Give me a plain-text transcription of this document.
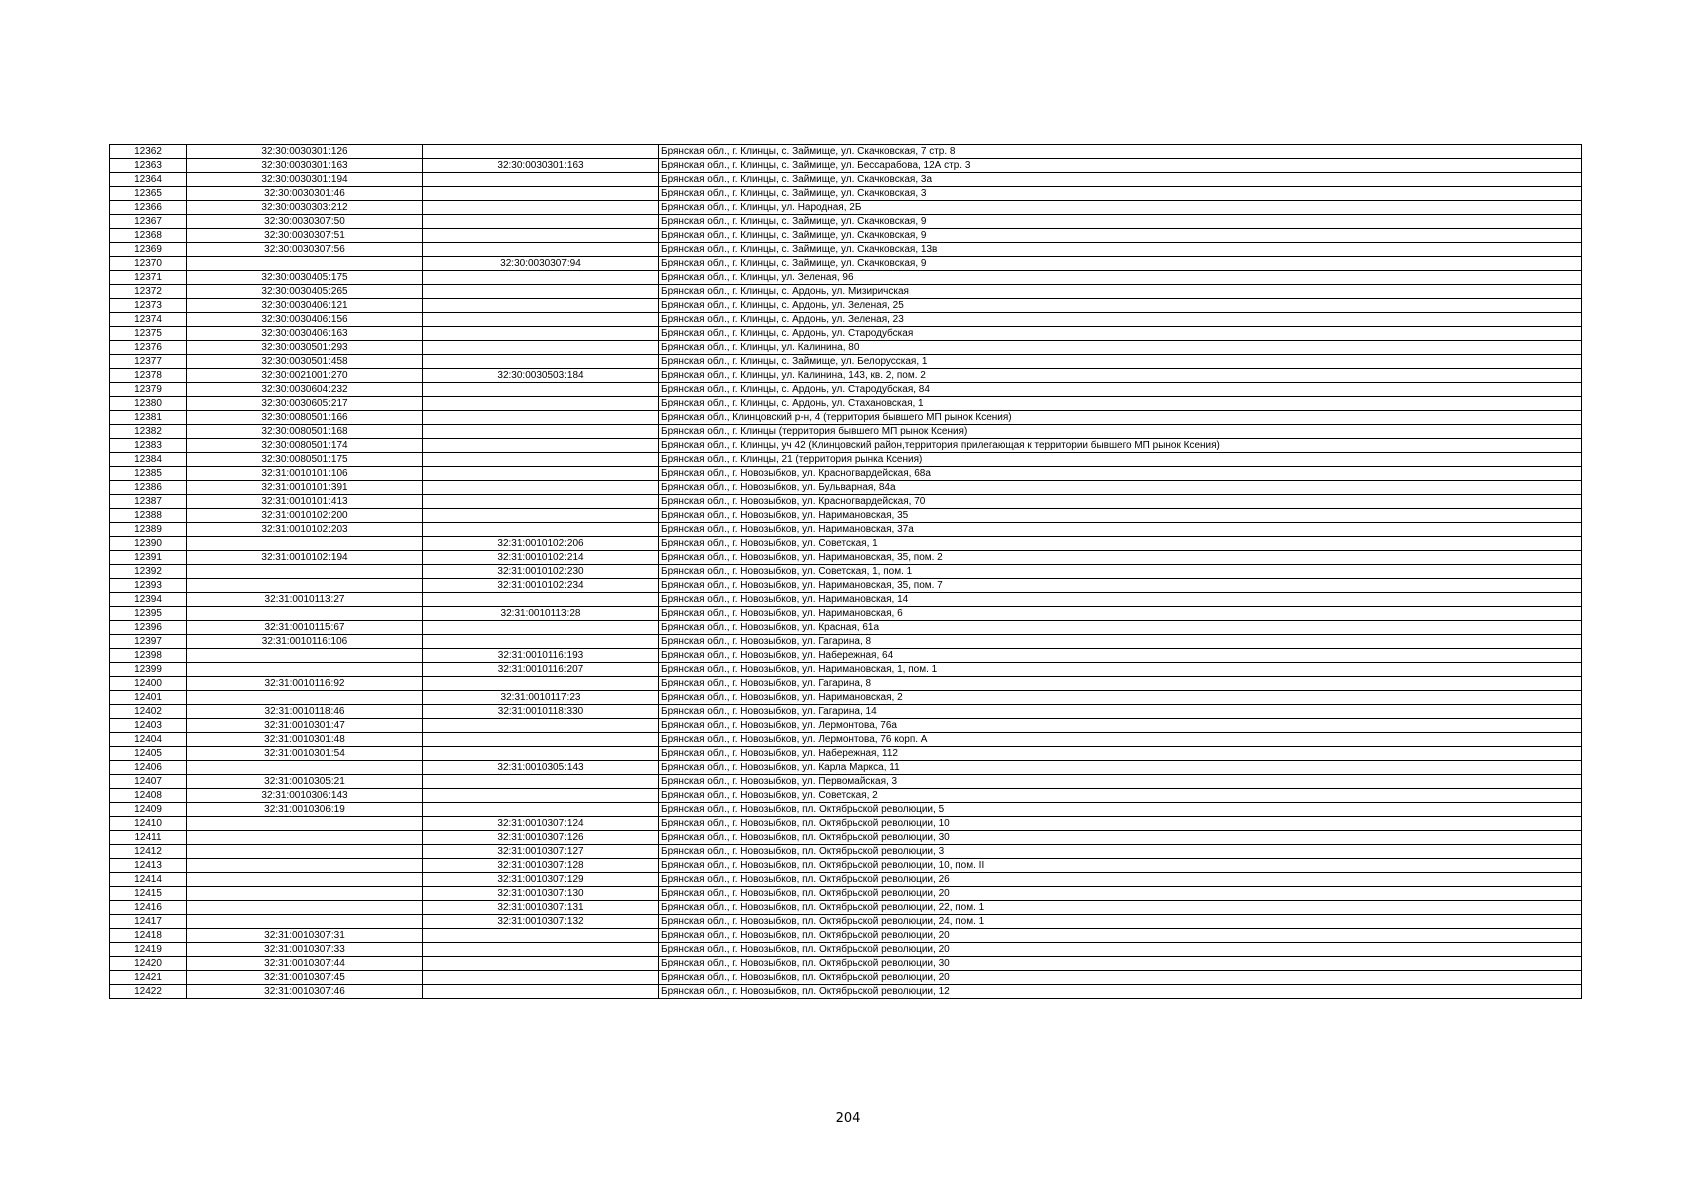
12362	32:30:0030301:126		Брянская обл., г. Клинцы, с. Займище, ул. Скачковская, 7 стр. 8
12363	32:30:0030301:163	32:30:0030301:163	Брянская обл., г. Клинцы, с. Займище, ул. Бессарабова, 12А стр. 3
12364	32:30:0030301:194		Брянская обл., г. Клинцы, с. Займище, ул. Скачковская, 3а
12365	32:30:0030301:46		Брянская обл., г. Клинцы, с. Займище, ул. Скачковская, 3
12366	32:30:0030303:212		Брянская обл., г. Клинцы, ул. Народная, 2Б
12367	32:30:0030307:50		Брянская обл., г. Клинцы, с. Займище, ул. Скачковская, 9
12368	32:30:0030307:51		Брянская обл., г. Клинцы, с. Займище, ул. Скачковская, 9
12369	32:30:0030307:56		Брянская обл., г. Клинцы, с. Займище, ул. Скачковская, 13в
12370		32:30:0030307:94	Брянская обл., г. Клинцы, с. Займище, ул. Скачковская, 9
12371	32:30:0030405:175		Брянская обл., г. Клинцы, ул. Зеленая, 96
12372	32:30:0030405:265		Брянская обл., г. Клинцы, с. Ардонь, ул. Мизиричская
12373	32:30:0030406:121		Брянская обл., г. Клинцы, с. Ардонь, ул. Зеленая, 25
12374	32:30:0030406:156		Брянская обл., г. Клинцы, с. Ардонь, ул. Зеленая, 23
12375	32:30:0030406:163		Брянская обл., г. Клинцы, с. Ардонь, ул. Стародубская
12376	32:30:0030501:293		Брянская обл., г. Клинцы, ул. Калинина, 80
12377	32:30:0030501:458		Брянская обл., г. Клинцы, с. Займище, ул. Белорусская, 1
12378	32:30:0021001:270	32:30:0030503:184	Брянская обл., г. Клинцы, ул. Калинина, 143, кв. 2, пом. 2
12379	32:30:0030604:232		Брянская обл., г. Клинцы, с. Ардонь, ул. Стародубская, 84
12380	32:30:0030605:217		Брянская обл., г. Клинцы, с. Ардонь, ул. Стахановская, 1
12381	32:30:0080501:166		Брянская обл., Клинцовский р-н, 4 (территория бывшего МП рынок Ксения)
12382	32:30:0080501:168		Брянская обл., г. Клинцы (территория бывшего МП рынок Ксения)
12383	32:30:0080501:174		Брянская обл., г. Клинцы, уч 42 (Клинцовский район,территория прилегающая к территории бывшего МП рынок Ксения)
12384	32:30:0080501:175		Брянская обл., г. Клинцы, 21 (территория рынка Ксения)
12385	32:31:0010101:106		Брянская обл., г. Новозыбков, ул. Красногвардейская, 68а
12386	32:31:0010101:391		Брянская обл., г. Новозыбков, ул. Бульварная, 84а
12387	32:31:0010101:413		Брянская обл., г. Новозыбков, ул. Красногвардейская, 70
12388	32:31:0010102:200		Брянская обл., г. Новозыбков, ул. Наримановская, 35
12389	32:31:0010102:203		Брянская обл., г. Новозыбков, ул. Наримановская, 37а
12390		32:31:0010102:206	Брянская обл., г. Новозыбков, ул. Советская, 1
12391	32:31:0010102:194	32:31:0010102:214	Брянская обл., г. Новозыбков, ул. Наримановская, 35, пом. 2
12392		32:31:0010102:230	Брянская обл., г. Новозыбков, ул. Советская, 1, пом. 1
12393		32:31:0010102:234	Брянская обл., г. Новозыбков, ул. Наримановская, 35, пом. 7
12394	32:31:0010113:27		Брянская обл., г. Новозыбков, ул. Наримановская, 14
12395		32:31:0010113:28	Брянская обл., г. Новозыбков, ул. Наримановская, 6
12396	32:31:0010115:67		Брянская обл., г. Новозыбков, ул. Красная, 61а
12397	32:31:0010116:106		Брянская обл., г. Новозыбков, ул. Гагарина, 8
12398		32:31:0010116:193	Брянская обл., г. Новозыбков, ул. Набережная, 64
12399		32:31:0010116:207	Брянская обл., г. Новозыбков, ул. Наримановская, 1, пом. 1
12400	32:31:0010116:92		Брянская обл., г. Новозыбков, ул. Гагарина, 8
12401		32:31:0010117:23	Брянская обл., г. Новозыбков, ул. Наримановская, 2
12402	32:31:0010118:46	32:31:0010118:330	Брянская обл., г. Новозыбков, ул. Гагарина, 14
12403	32:31:0010301:47		Брянская обл., г. Новозыбков, ул. Лермонтова, 76а
12404	32:31:0010301:48		Брянская обл., г. Новозыбков, ул. Лермонтова, 76 корп. А
12405	32:31:0010301:54		Брянская обл., г. Новозыбков, ул. Набережная, 112
12406		32:31:0010305:143	Брянская обл., г. Новозыбков, ул. Карла Маркса, 11
12407	32:31:0010305:21		Брянская обл., г. Новозыбков, ул. Первомайская, 3
12408	32:31:0010306:143		Брянская обл., г. Новозыбков, ул. Советская, 2
12409	32:31:0010306:19		Брянская обл., г. Новозыбков, пл. Октябрьской революции, 5
12410		32:31:0010307:124	Брянская обл., г. Новозыбков, пл. Октябрьской революции, 10
12411		32:31:0010307:126	Брянская обл., г. Новозыбков, пл. Октябрьской революции, 30
12412		32:31:0010307:127	Брянская обл., г. Новозыбков, пл. Октябрьской революции, 3
12413		32:31:0010307:128	Брянская обл., г. Новозыбков, пл. Октябрьской революции, 10, пом. II
12414		32:31:0010307:129	Брянская обл., г. Новозыбков, пл. Октябрьской революции, 26
12415		32:31:0010307:130	Брянская обл., г. Новозыбков, пл. Октябрьской революции, 20
12416		32:31:0010307:131	Брянская обл., г. Новозыбков, пл. Октябрьской революции, 22, пом. 1
12417		32:31:0010307:132	Брянская обл., г. Новозыбков, пл. Октябрьской революции, 24, пом. 1
12418	32:31:0010307:31		Брянская обл., г. Новозыбков, пл. Октябрьской революции, 20
12419	32:31:0010307:33		Брянская обл., г. Новозыбков, пл. Октябрьской революции, 20
12420	32:31:0010307:44		Брянская обл., г. Новозыбков, пл. Октябрьской революции, 30
12421	32:31:0010307:45		Брянская обл., г. Новозыбков, пл. Октябрьской революции, 20
12422	32:31:0010307:46		Брянская обл., г. Новозыбков, пл. Октябрьской революции, 12
204
